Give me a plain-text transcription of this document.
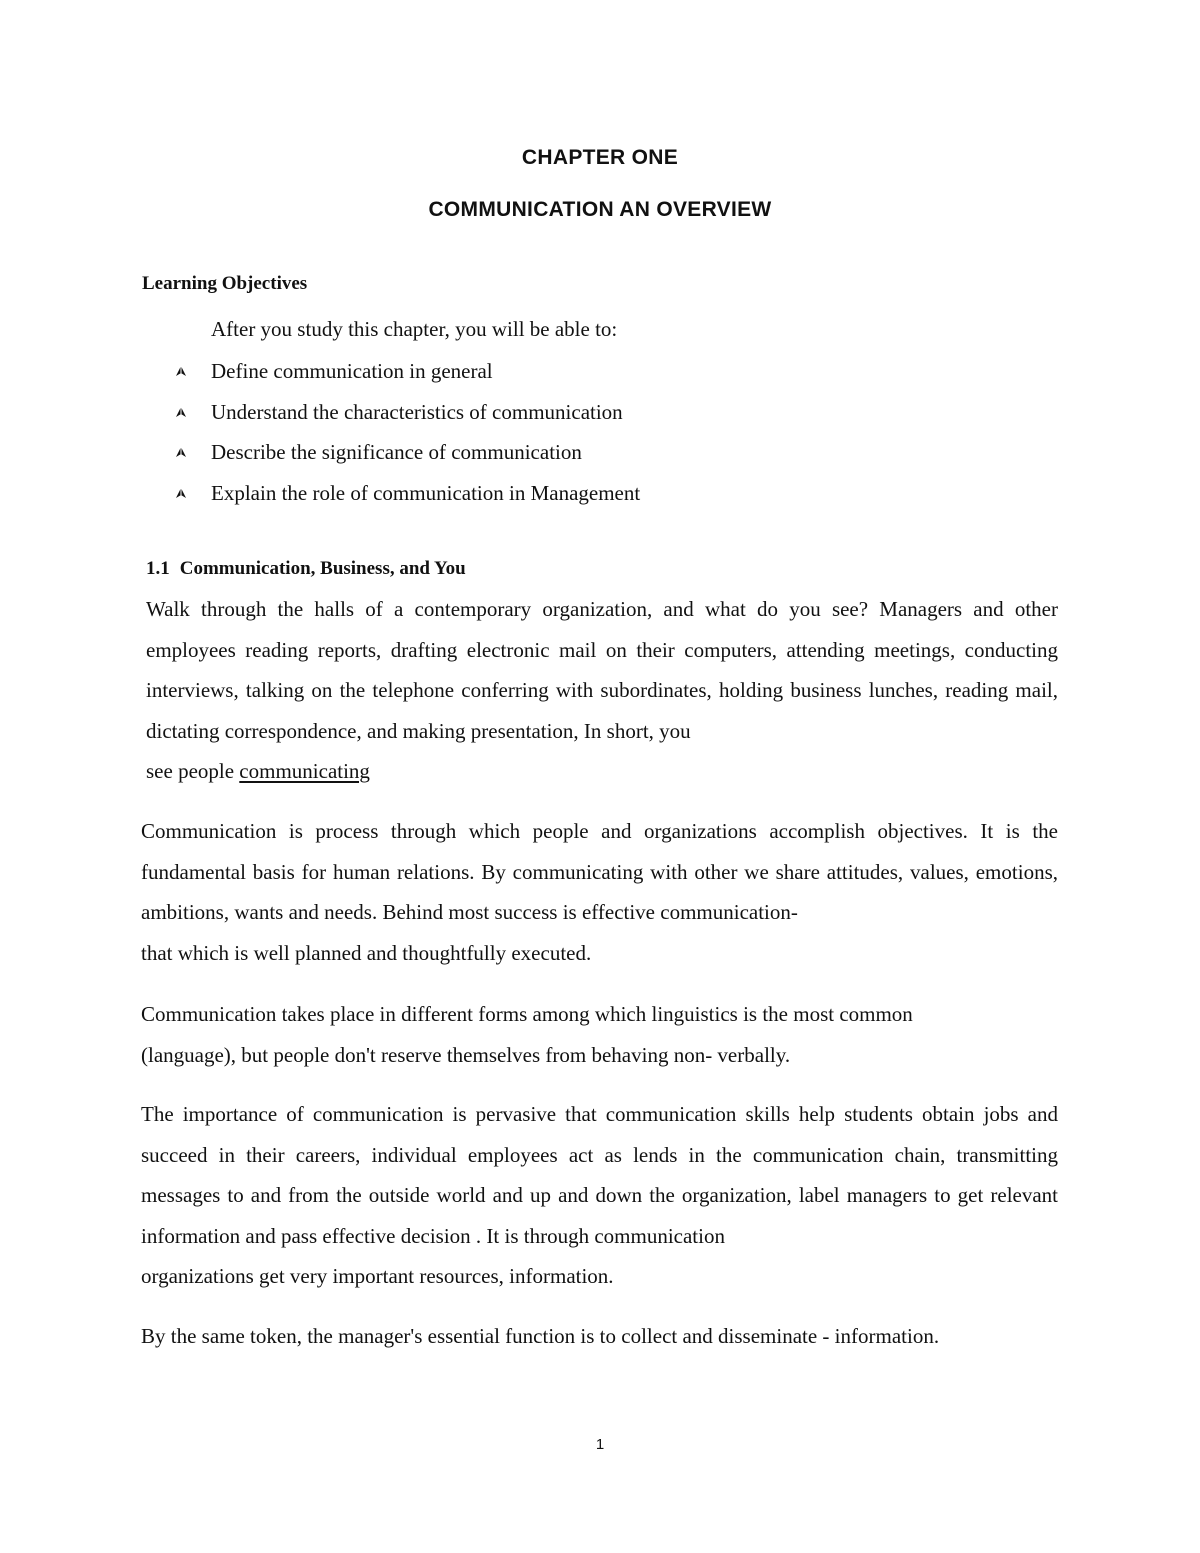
CHAPTER ONE
COMMUNICATION AN OVERVIEW

Learning Objectives

After you study this chapter, you will be able to:

Define communication in general
Understand the characteristics of communication
Describe the significance of communication
Explain the role of communication in Management

1.1 Communication, Business, and You

Walk through the halls of a contemporary organization, and what do you see? Managers and other employees reading reports, drafting electronic mail on their computers, attending meetings, conducting interviews, talking on the telephone conferring with subordinates, holding business lunches, reading mail, dictating correspondence, and making presentation, In short, you
see people communicating

Communication is process through which people and organizations accomplish objectives. It is the fundamental basis for human relations. By communicating with other we share attitudes, values, emotions, ambitions, wants and needs. Behind most success is effective communication-
that which is well planned and thoughtfully executed.

Communication takes place in different forms among which linguistics is the most common
(language), but people don't reserve themselves from behaving non- verbally.

The importance of communication is pervasive that communication skills help students obtain jobs and succeed in their careers, individual employees act as lends in the communication chain, transmitting messages to and from the outside world and up and down the organization, label managers to get relevant information and pass effective decision . It is through communication
organizations get very important resources, information.

By the same token, the manager's essential function is to collect and disseminate - information.

1
